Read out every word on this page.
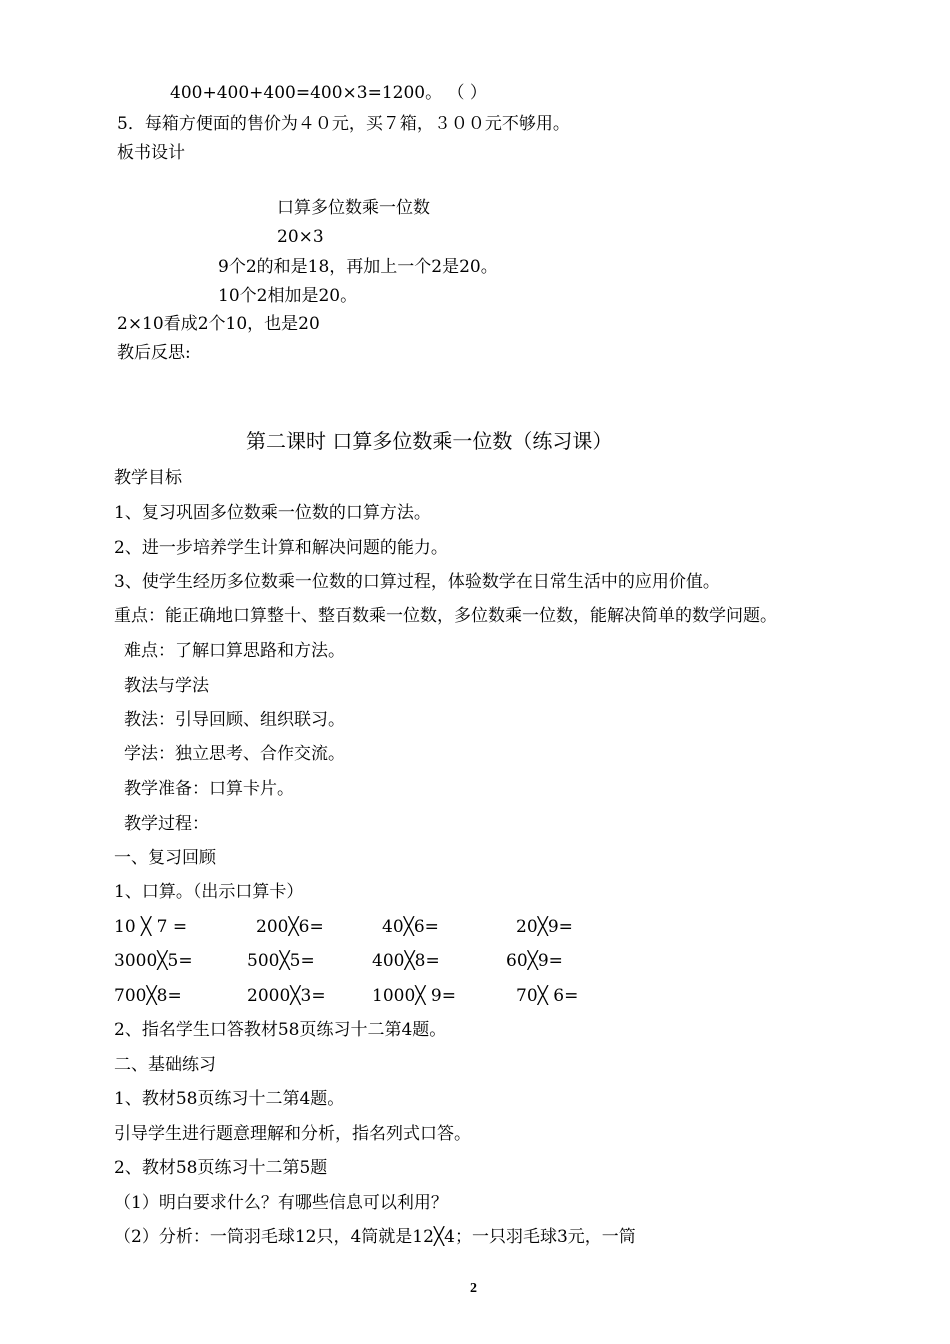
400+400+400=400×3=1200。 （ ）
5．每箱方便面的售价为４０元，买７箱，３００元不够用。
板书设计
口算多位数乘一位数
20×3
9个2的和是18，再加上一个2是20。
10个2相加是20。
2×10看成2个10，也是20
教后反思:
第二课时 口算多位数乘一位数（练习课）
教学目标
1、复习巩固多位数乘一位数的口算方法。
2、进一步培养学生计算和解决问题的能力。
3、使学生经历多位数乘一位数的口算过程，体验数学在日常生活中的应用价值。
重点：能正确地口算整十、整百数乘一位数，多位数乘一位数，能解决简单的数学问题。
难点：了解口算思路和方法。
教法与学法
教法：引导回顾、组织联习。
学法：独立思考、合作交流。
教学准备：口算卡片。
教学过程：
一、复习回顾
1、口算。（出示口算卡）
10 ╳ 7 =	200╳6=	40╳6=	20╳9=
3000╳5=	500╳5=	400╳8=	60╳9=
700╳8=	2000╳3=	1000╳ 9=	70╳ 6=
2、指名学生口答教材58页练习十二第4题。
二、基础练习
1、教材58页练习十二第4题。
引导学生进行题意理解和分析，指名列式口答。
2、教材58页练习十二第5题
（1）明白要求什么？有哪些信息可以利用？
（2）分析：一筒羽毛球12只，4筒就是12╳4；一只羽毛球3元，一筒
2
